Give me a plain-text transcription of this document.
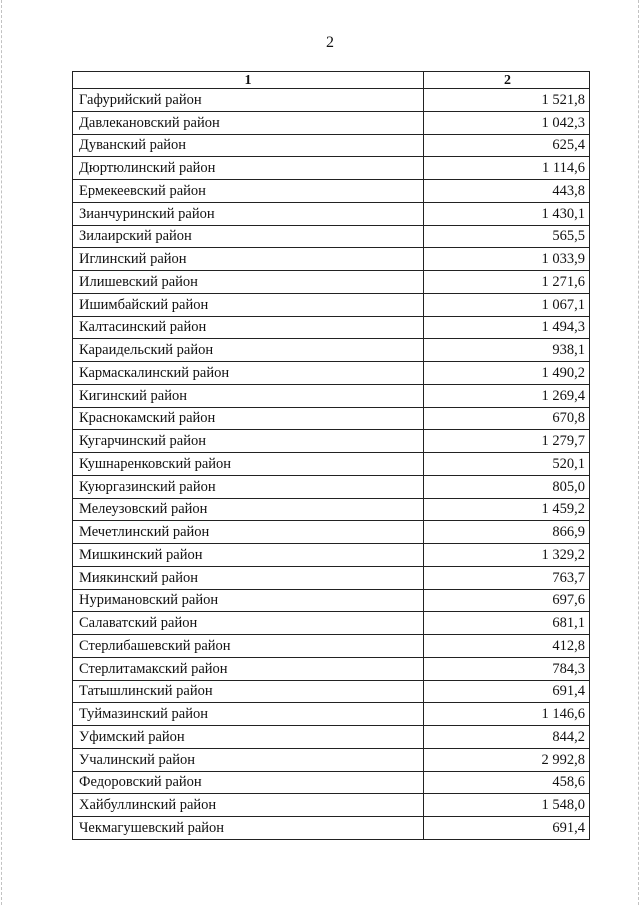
2
1	2
Гафурийский район	1 521,8
Давлекановский район	1 042,3
Дуванский район	625,4
Дюртюлинский район	1 114,6
Ермекеевский район	443,8
Зианчуринский район	1 430,1
Зилаирский район	565,5
Иглинский район	1 033,9
Илишевский район	1 271,6
Ишимбайский район	1 067,1
Калтасинский район	1 494,3
Караидельский район	938,1
Кармаскалинский район	1 490,2
Кигинский район	1 269,4
Краснокамский район	670,8
Кугарчинский район	1 279,7
Кушнаренковский район	520,1
Куюргазинский район	805,0
Мелеузовский район	1 459,2
Мечетлинский район	866,9
Мишкинский район	1 329,2
Миякинский район	763,7
Нуримановский район	697,6
Салаватский район	681,1
Стерлибашевский район	412,8
Стерлитамакский район	784,3
Татышлинский район	691,4
Туймазинский район	1 146,6
Уфимский район	844,2
Учалинский район	2 992,8
Федоровский район	458,6
Хайбуллинский район	1 548,0
Чекмагушевский район	691,4
